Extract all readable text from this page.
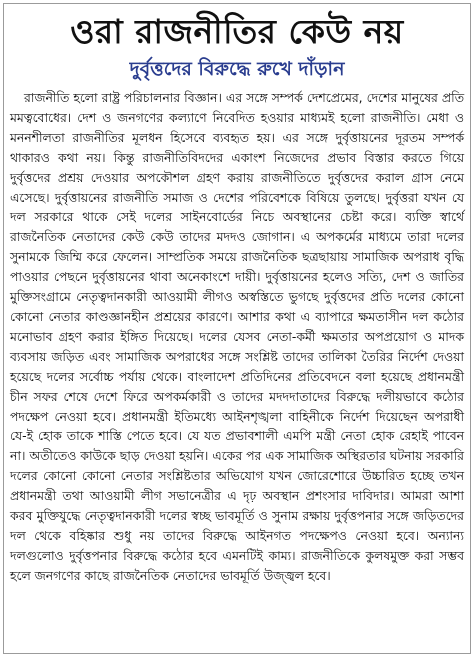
ওরা রাজনীতির কেউ নয়
দুর্বৃত্তদের বিরুদ্ধে রুখে দাঁড়ান

রাজনীতি হলো রাষ্ট্র পরিচালনার বিজ্ঞান। এর সঙ্গে সম্পর্ক দেশপ্রেমের, দেশের মানুষের প্রতি মমত্ববোধের। দেশ ও জনগণের কল্যাণে নিবেদিত হওয়ার মাধ্যমই হলো রাজনীতি। মেধা ও মননশীলতা রাজনীতির মূলধন হিসেবে ব্যবহৃত হয়। এর সঙ্গে দুর্বৃত্তায়নের দূরতম সম্পর্ক থাকারও কথা নয়। কিন্তু রাজনীতিবিদদের একাংশ নিজেদের প্রভাব বিস্তার করতে গিয়ে দুর্বৃত্তদের প্রশ্রয় দেওয়ার অপকৌশল গ্রহণ করায় রাজনীতিতে দুর্বৃত্তদের করাল গ্রাস নেমে এসেছে। দুর্বৃত্তায়নের রাজনীতি সমাজ ও দেশের পরিবেশকে বিষিয়ে তুলছে। দুর্বৃত্তরা যখন যে দল সরকারে থাকে সেই দলের সাইনবোর্ডের নিচে অবস্থানের চেষ্টা করে। ব্যক্তি স্বার্থে রাজনৈতিক নেতাদের কেউ কেউ তাদের মদদও জোগান। এ অপকর্মের মাধ্যমে তারা দলের সুনামকে জিম্মি করে ফেলেন। সাম্প্রতিক সময়ে রাজনৈতিক ছত্রছায়ায় সামাজিক অপরাধ বৃদ্ধি পাওয়ার পেছনে দুর্বৃত্তায়নের থাবা অনেকাংশে দায়ী। দুর্বৃত্তায়নের হলেও সত্যি, দেশ ও জাতির মুক্তিসংগ্রামে নেতৃত্বদানকারী আওয়ামী লীগও অস্বস্তিতে ভুগছে দুর্বৃত্তদের প্রতি দলের কোনো কোনো নেতার কাণ্ডজ্ঞানহীন প্রশ্রয়ের কারণে। আশার কথা এ ব্যাপারে ক্ষমতাসীন দল কঠোর মনোভাব গ্রহণ করার ইঙ্গিত দিয়েছে। দলের যেসব নেতা-কর্মী ক্ষমতার অপপ্রয়োগ ও মাদক ব্যবসায় জড়িত এবং সামাজিক অপরাধের সঙ্গে সংশ্লিষ্ট তাদের তালিকা তৈরির নির্দেশ দেওয়া হয়েছে দলের সর্বোচ্চ পর্যায় থেকে। বাংলাদেশ প্রতিদিনের প্রতিবেদনে বলা হয়েছে প্রধানমন্ত্রী চীন সফর শেষে দেশে ফিরে অপকর্মকারী ও তাদের মদদদাতাদের বিরুদ্ধে দলীয়ভাবে কঠোর পদক্ষেপ নেওয়া হবে। প্রধানমন্ত্রী ইতিমধ্যে আইনশৃঙ্খলা বাহিনীকে নির্দেশ দিয়েছেন অপরাধী যে-ই হোক তাকে শাস্তি পেতে হবে। যে যত প্রভাবশালী এমপি মন্ত্রী নেতা হোক রেহাই পাবেন না। অতীতেও কাউকে ছাড় দেওয়া হয়নি। একের পর এক সামাজিক অস্থিরতার ঘটনায় সরকারি দলের কোনো কোনো নেতার সংশ্লিষ্টতার অভিযোগ যখন জোরেশোরে উচ্চারিত হচ্ছে তখন প্রধানমন্ত্রী তথা আওয়ামী লীগ সভানেত্রীর এ দৃঢ় অবস্থান প্রশংসার দাবিদার। আমরা আশা করব মুক্তিযুদ্ধে নেতৃত্বদানকারী দলের স্বচ্ছ ভাবমূর্তি ও সুনাম রক্ষায় দুর্বৃত্তপনার সঙ্গে জড়িতদের দল থেকে বহিষ্কার শুধু নয় তাদের বিরুদ্ধে আইনগত পদক্ষেপও নেওয়া হবে। অন্যান্য দলগুলোও দুর্বৃত্তপনার বিরুদ্ধে কঠোর হবে এমনটিই কাম্য। রাজনীতিকে কুলষমুক্ত করা সম্ভব হলে জনগণের কাছে রাজনৈতিক নেতাদের ভাবমূর্তি উজ্জ্বল হবে।
